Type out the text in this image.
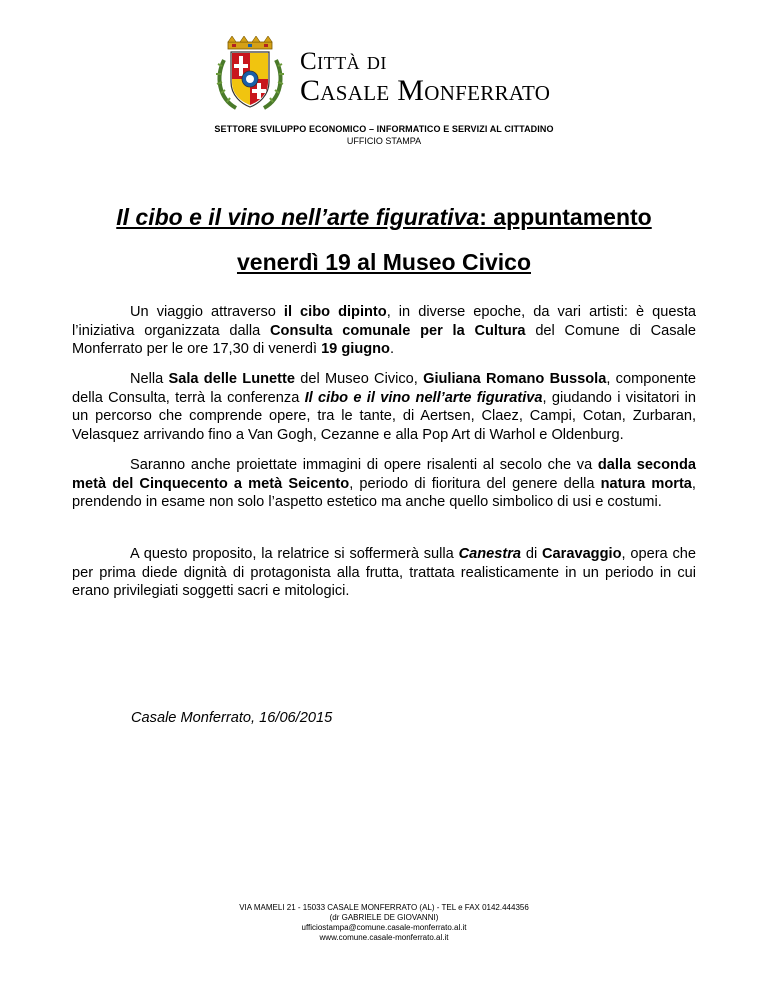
Città di
Casale Monferrato
SETTORE SVILUPPO ECONOMICO – INFORMATICO E SERVIZI AL CITTADINO
UFFICIO STAMPA
Il cibo e il vino nell’arte figurativa: appuntamento
venerdì 19 al Museo Civico

Un viaggio attraverso il cibo dipinto, in diverse epoche, da vari artisti: è questa l’iniziativa organizzata dalla Consulta comunale per la Cultura del Comune di Casale Monferrato per le ore 17,30 di venerdì 19 giugno.

Nella Sala delle Lunette del Museo Civico, Giuliana Romano Bussola, componente della Consulta, terrà la conferenza Il cibo e il vino nell’arte figurativa, giudando i visitatori in un percorso che comprende opere, tra le tante, di Aertsen, Claez, Campi, Cotan, Zurbaran, Velasquez arrivando fino a Van Gogh, Cezanne e alla Pop Art di Warhol e Oldenburg.

Saranno anche proiettate immagini di opere risalenti al secolo che va dalla seconda metà del Cinquecento a metà Seicento, periodo di fioritura del genere della natura morta, prendendo in esame non solo l’aspetto estetico ma anche quello simbolico di usi e costumi.

A questo proposito, la relatrice si soffermerà sulla Canestra di Caravaggio, opera che per prima diede dignità di protagonista alla frutta, trattata realisticamente in un periodo in cui erano privilegiati soggetti sacri e mitologici.

Casale Monferrato, 16/06/2015
VIA MAMELI 21 - 15033 CASALE MONFERRATO (AL) - TEL e FAX 0142.444356
(dr GABRIELE DE GIOVANNI)
ufficiostampa@comune.casale-monferrato.al.it
www.comune.casale-monferrato.al.it
